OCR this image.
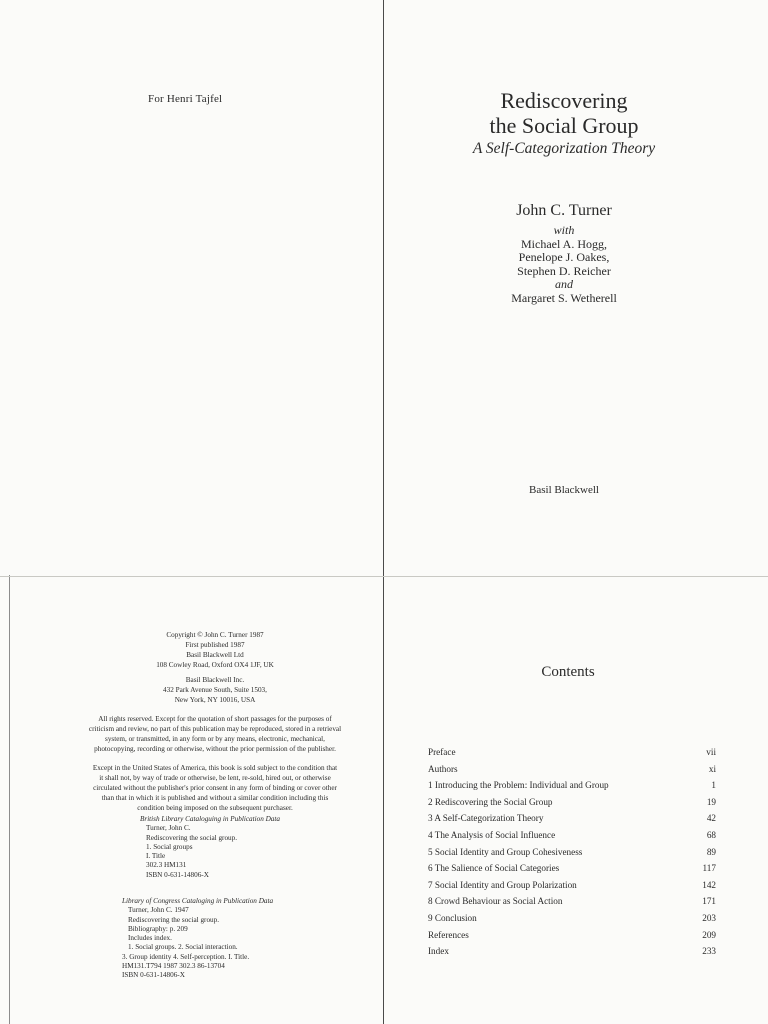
For Henri Tajfel	Rediscovering
the Social Group
A Self-Categorization Theory
John C. Turner
with
Michael A. Hogg,
Penelope J. Oakes,
Stephen D. Reicher
and
Margaret S. Wetherell
Basil Blackwell
Copyright © John C. Turner 1987
First published 1987
Basil Blackwell Ltd
108 Cowley Road, Oxford OX4 1JF, UK
Basil Blackwell Inc.
432 Park Avenue South, Suite 1503,
New York, NY 10016, USA
All rights reserved. Except for the quotation of short passages for the purposes of
criticism and review, no part of this publication may be reproduced, stored in a retrieval
system, or transmitted, in any form or by any means, electronic, mechanical,
photocopying, recording or otherwise, without the prior permission of the publisher.
Except in the United States of America, this book is sold subject to the condition that
it shall not, by way of trade or otherwise, be lent, re-sold, hired out, or otherwise
circulated without the publisher's prior consent in any form of binding or cover other
than that in which it is published and without a similar condition including this
condition being imposed on the subsequent purchaser.
British Library Cataloguing in Publication Data
Turner, John C.
Rediscovering the social group.
1. Social groups
I. Title
302.3 HM131
ISBN 0-631-14806-X
Library of Congress Cataloging in Publication Data
Turner, John C. 1947
Rediscovering the social group.
Bibliography: p. 209
Includes index.
1. Social groups. 2. Social interaction.
3. Group identity 4. Self-perception. I. Title.
HM131.T794 1987 302.3 86-13704
ISBN 0-631-14806-X
Contents
Preface	vii
Authors	xi
1 Introducing the Problem: Individual and Group	1
2 Rediscovering the Social Group	19
3 A Self-Categorization Theory	42
4 The Analysis of Social Influence	68
5 Social Identity and Group Cohesiveness	89
6 The Salience of Social Categories	117
7 Social Identity and Group Polarization	142
8 Crowd Behaviour as Social Action	171
9 Conclusion	203
References	209
Index	233
